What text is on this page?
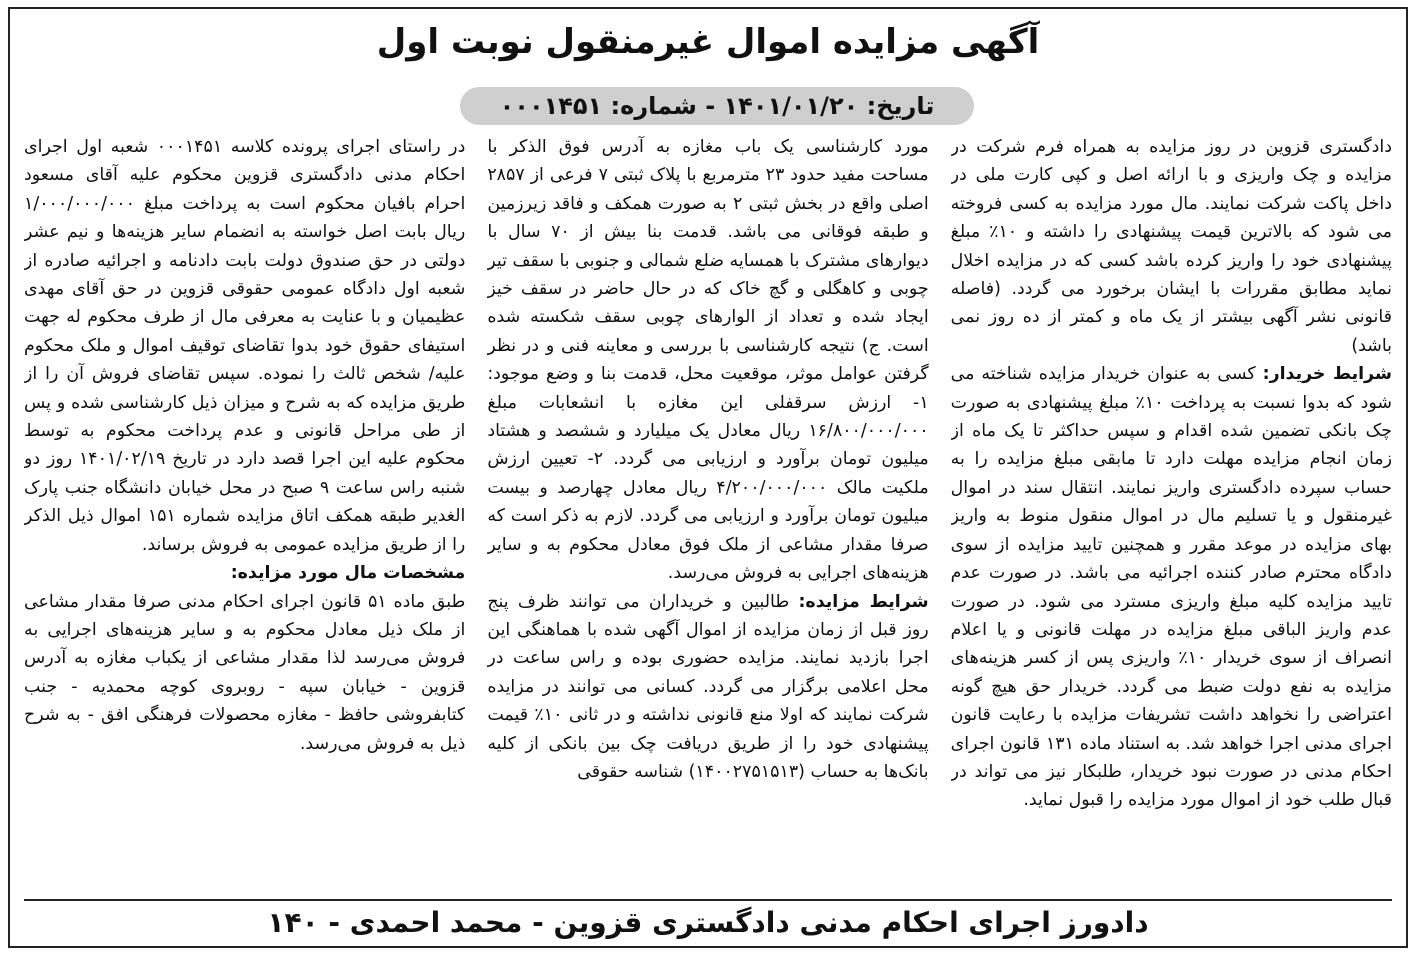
آگهی مزایده اموال غیرمنقول نوبت اول
تاریخ: ۱۴۰۱/۰۱/۲۰ - شماره: ۰۰۰۱۴۵۱

در راستای اجرای پرونده کلاسه ۰۰۰۱۴۵۱ شعبه اول اجرای احکام مدنی دادگستری قزوین محکوم علیه آقای مسعود احرام بافیان محکوم است به پرداخت مبلغ ۱/۰۰۰/۰۰۰/۰۰۰ ریال بابت اصل خواسته به انضمام سایر هزینه‌ها و نیم عشر دولتی در حق صندوق دولت بابت دادنامه و اجرائیه صادره از شعبه اول دادگاه عمومی حقوقی قزوین در حق آقای مهدی عظیمیان و با عنایت به معرفی مال از طرف محکوم له جهت استیفای حقوق خود بدوا تقاضای توقیف اموال و ملک محکوم علیه/ شخص ثالث را نموده. سپس تقاضای فروش آن را از طریق مزایده که به شرح و میزان ذیل کارشناسی شده و پس از طی مراحل قانونی و عدم پرداخت محکوم به توسط محکوم علیه این اجرا قصد دارد در تاریخ ۱۴۰۱/۰۲/۱۹ روز دو شنبه راس ساعت ۹ صبح در محل خیابان دانشگاه جنب پارک الغدیر طبقه همکف اتاق مزایده شماره ۱۵۱ اموال ذیل الذکر را از طریق مزایده عمومی به فروش برساند.

مشخصات مال مورد مزایده:

طبق ماده ۵۱ قانون اجرای احکام مدنی صرفا مقدار مشاعی از ملک ذیل معادل محکوم به و سایر هزینه‌های اجرایی به فروش می‌رسد لذا مقدار مشاعی از یکباب مغازه به آدرس قزوین - خیابان سپه - روبروی کوچه محمدیه - جنب کتابفروشی حافظ - مغازه محصولات فرهنگی افق - به شرح ذیل به فروش می‌رسد.

مورد کارشناسی یک باب مغازه به آدرس فوق الذکر با مساحت مفید حدود ۲۳ مترمربع با پلاک ثبتی ۷ فرعی از ۲۸۵۷ اصلی واقع در بخش ثبتی ۲ به صورت همکف و فاقد زیرزمین و طبقه فوقانی می باشد. قدمت بنا بیش از ۷۰ سال با دیوارهای مشترک با همسایه ضلع شمالی و جنوبی با سقف تیر چوبی و کاهگلی و گچ خاک که در حال حاضر در سقف خیز ایجاد شده و تعداد از الوارهای چوبی سقف شکسته شده است. ج) نتیجه کارشناسی با بررسی و معاینه فنی و در نظر گرفتن عوامل موثر، موقعیت محل، قدمت بنا و وضع موجود: ۱- ارزش سرقفلی این مغازه با انشعابات مبلغ ۱۶/۸۰۰/۰۰۰/۰۰۰ ریال معادل یک میلیارد و ششصد و هشتاد میلیون تومان برآورد و ارزیابی می گردد. ۲- تعیین ارزش ملکیت مالک ۴/۲۰۰/۰۰۰/۰۰۰ ریال معادل چهارصد و بیست میلیون تومان برآورد و ارزیابی می گردد. لازم به ذکر است که صرفا مقدار مشاعی از ملک فوق معادل محکوم به و سایر هزینه‌های اجرایی به فروش می‌رسد.

شرایط مزایده: طالبین و خریداران می توانند ظرف پنج روز قبل از زمان مزایده از اموال آگهی شده با هماهنگی این اجرا بازدید نمایند. مزایده حضوری بوده و راس ساعت در محل اعلامی برگزار می گردد. کسانی می توانند در مزایده شرکت نمایند که اولا منع قانونی نداشته و در ثانی ۱۰٪ قیمت پیشنهادی خود را از طریق دریافت چک بین بانکی از کلیه بانک‌ها به حساب (۱۴۰۰۲۷۵۱۵۱۳) شناسه حقوقی

دادگستری قزوین در روز مزایده به همراه فرم شرکت در مزایده و چک واریزی و با ارائه اصل و کپی کارت ملی در داخل پاکت شرکت نمایند. مال مورد مزایده به کسی فروخته می شود که بالاترین قیمت پیشنهادی را داشته و ۱۰٪ مبلغ پیشنهادی خود را واریز کرده باشد کسی که در مزایده اخلال نماید مطابق مقررات با ایشان برخورد می گردد. (فاصله قانونی نشر آگهی بیشتر از یک ماه و کمتر از ده روز نمی باشد)

شرایط خریدار: کسی به عنوان خریدار مزایده شناخته می شود که بدوا نسبت به پرداخت ۱۰٪ مبلغ پیشنهادی به صورت چک بانکی تضمین شده اقدام و سپس حداکثر تا یک ماه از زمان انجام مزایده مهلت دارد تا مابقی مبلغ مزایده را به حساب سپرده دادگستری واریز نمایند. انتقال سند در اموال غیرمنقول و یا تسلیم مال در اموال منقول منوط به واریز بهای مزایده در موعد مقرر و همچنین تایید مزایده از سوی دادگاه محترم صادر کننده اجرائیه می باشد. در صورت عدم تایید مزایده کلیه مبلغ واریزی مسترد می شود. در صورت عدم واریز الباقی مبلغ مزایده در مهلت قانونی و یا اعلام انصراف از سوی خریدار ۱۰٪ واریزی پس از کسر هزینه‌های مزایده به نفع دولت ضبط می گردد. خریدار حق هیچ گونه اعتراضی را نخواهد داشت تشریفات مزایده با رعایت قانون اجرای مدنی اجرا خواهد شد. به استناد ماده ۱۳۱ قانون اجرای احکام مدنی در صورت نبود خریدار، طلبکار نیز می تواند در قبال طلب خود از اموال مورد مزایده را قبول نماید.

دادورز اجرای احکام مدنی دادگستری قزوین - محمد احمدی - ۱۴۰
